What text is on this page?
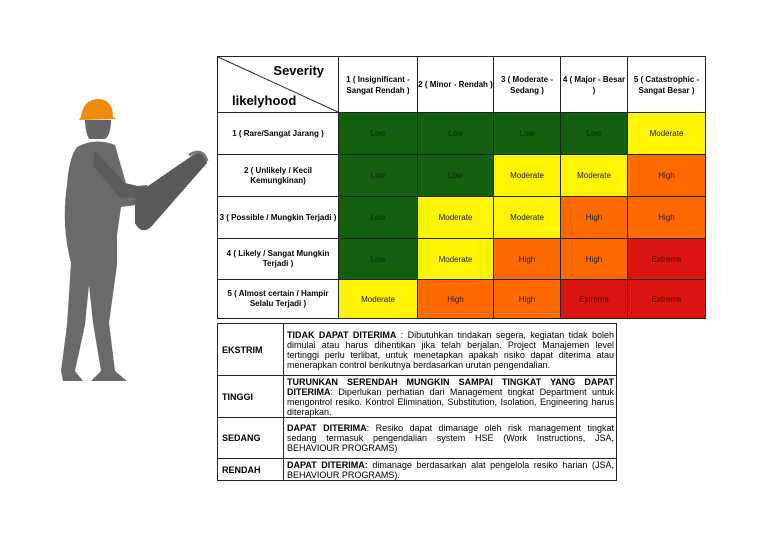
Severity
likelyhood	1 ( Insignificant - Sangat Rendah )	2 ( Minor - Rendah )	3 ( Moderate - Sedang )	4 ( Major - Besar )	5 ( Catastrophic - Sangat Besar )
1 ( Rare/Sangat Jarang )	Low	Low	Low	Low	Moderate
2 ( Unlikely / Kecil Kemungkinan)	Low	Low	Moderate	Moderate	High
3 ( Possible / Mungkin Terjadi )	Low	Moderate	Moderate	High	High
4 ( Likely / Sangat Mungkin Terjadi )	Low	Moderate	High	High	Extreme
5 ( Almost certain / Hampir Selalu Terjadi )	Moderate	High	High	Extreme	Extreme
EKSTRIM	TIDAK DAPAT DITERIMA : Dibutuhkan tindakan segera, kegiatan tidak boleh dimulai atau harus dihentikan jika telah berjalan. Project Manajemen level tertinggi perlu terlibat, untuk menetapkan apakah risiko dapat diterima atau menerapkan control berikutnya berdasarkan urutan pengendalian.
TINGGI	TURUNKAN SERENDAH MUNGKIN SAMPAI TINGKAT YANG DAPAT DITERIMA: Diperlukan perhatian dari Management tingkat Department untuk mengontrol resiko. Kontrol Elimination, Substitution, Isolation, Engineering harus diterapkan.
SEDANG	DAPAT DITERIMA: Resiko dapat dimanage oleh risk management tingkat sedang termasuk pengendalian system HSE (Work Instructions, JSA, BEHAVIOUR PROGRAMS)
RENDAH	DAPAT DITERIMA: dimanage berdasarkan alat pengelola resiko harian (JSA, BEHAVIOUR PROGRAMS).
